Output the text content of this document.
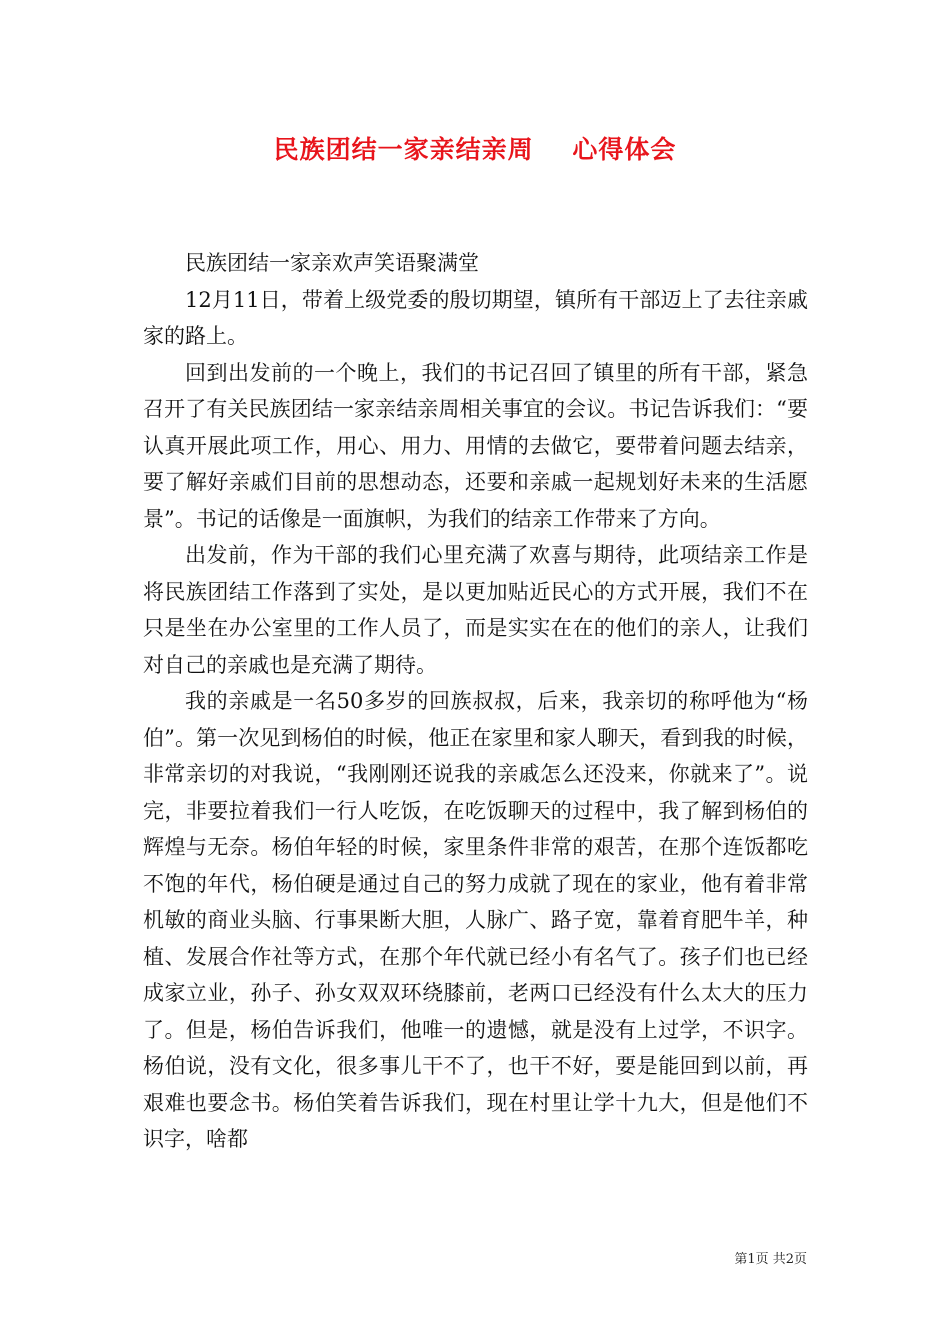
民族团结一家亲结亲周    心得体会

民族团结一家亲欢声笑语聚满堂

12月11日，带着上级党委的殷切期望，镇所有干部迈上了去往亲戚家的路上。

回到出发前的一个晚上，我们的书记召回了镇里的所有干部，紧急召开了有关民族团结一家亲结亲周相关事宜的会议。书记告诉我们：“要认真开展此项工作，用心、用力、用情的去做它，要带着问题去结亲，要了解好亲戚们目前的思想动态，还要和亲戚一起规划好未来的生活愿景”。书记的话像是一面旗帜，为我们的结亲工作带来了方向。

出发前，作为干部的我们心里充满了欢喜与期待，此项结亲工作是将民族团结工作落到了实处，是以更加贴近民心的方式开展，我们不在只是坐在办公室里的工作人员了，而是实实在在的他们的亲人，让我们对自己的亲戚也是充满了期待。

我的亲戚是一名50多岁的回族叔叔，后来，我亲切的称呼他为“杨伯”。第一次见到杨伯的时候，他正在家里和家人聊天，看到我的时候，非常亲切的对我说，“我刚刚还说我的亲戚怎么还没来，你就来了”。说完，非要拉着我们一行人吃饭，在吃饭聊天的过程中，我了解到杨伯的辉煌与无奈。杨伯年轻的时候，家里条件非常的艰苦，在那个连饭都吃不饱的年代，杨伯硬是通过自己的努力成就了现在的家业，他有着非常机敏的商业头脑、行事果断大胆，人脉广、路子宽，靠着育肥牛羊，种植、发展合作社等方式，在那个年代就已经小有名气了。孩子们也已经成家立业，孙子、孙女双双环绕膝前，老两口已经没有什么太大的压力了。但是，杨伯告诉我们，他唯一的遗憾，就是没有上过学，不识字。杨伯说，没有文化，很多事儿干不了，也干不好，要是能回到以前，再艰难也要念书。杨伯笑着告诉我们，现在村里让学十九大，但是他们不识字，啥都

第1页 共2页
